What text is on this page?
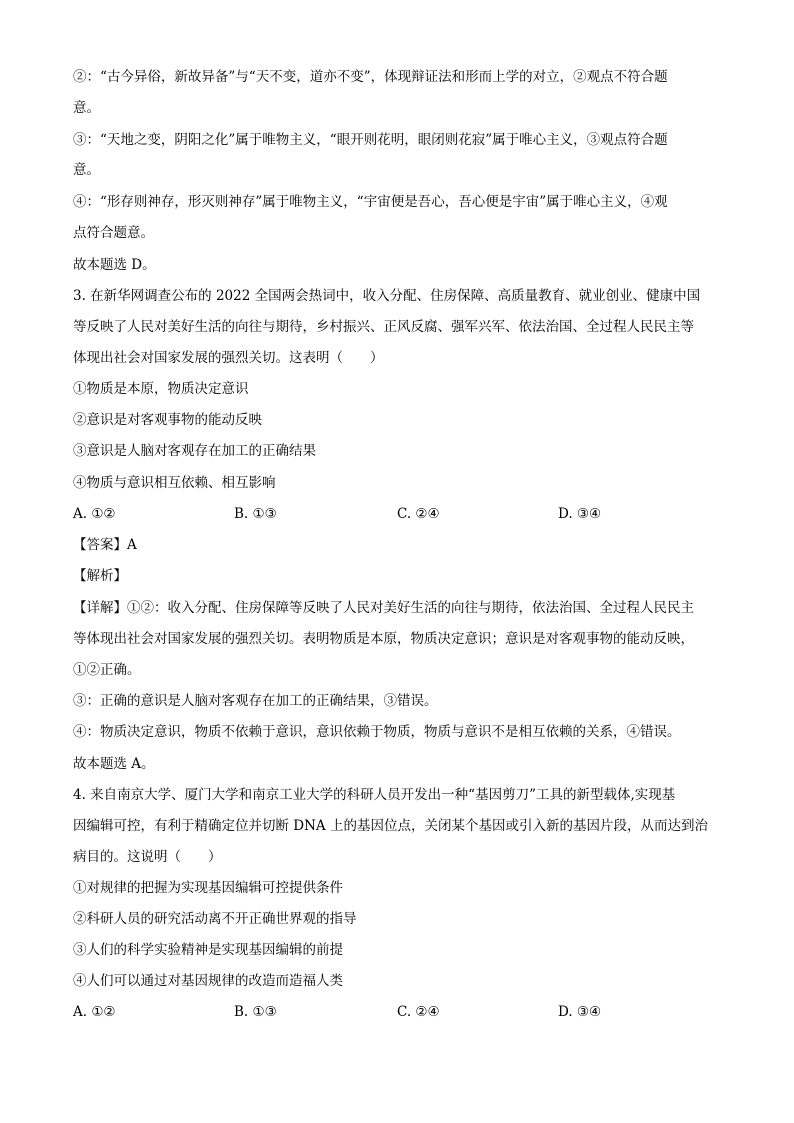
②：“古今异俗，新故异备”与“天不变，道亦不变”，体现辩证法和形而上学的对立，②观点不符合题
意。
③：“天地之变，阴阳之化”属于唯物主义，“眼开则花明，眼闭则花寂”属于唯心主义，③观点符合题
意。
④：“形存则神存，形灭则神存”属于唯物主义，“宇宙便是吾心，吾心便是宇宙”属于唯心主义，④观
点符合题意。
故本题选 D。
3. 在新华网调查公布的 2022 全国两会热词中，收入分配、住房保障、高质量教育、就业创业、健康中国
等反映了人民对美好生活的向往与期待，乡村振兴、正风反腐、强军兴军、依法治国、全过程人民民主等
体现出社会对国家发展的强烈关切。这表明（　　）
①物质是本原，物质决定意识
②意识是对客观事物的能动反映
③意识是人脑对客观存在加工的正确结果
④物质与意识相互依赖、相互影响
A. ①②	B. ①③	C. ②④	D. ③④
【答案】A
【解析】
【详解】①②：收入分配、住房保障等反映了人民对美好生活的向往与期待，依法治国、全过程人民民主
等体现出社会对国家发展的强烈关切。表明物质是本原，物质决定意识；意识是对客观事物的能动反映，
①②正确。
③：正确的意识是人脑对客观存在加工的正确结果，③错误。
④：物质决定意识，物质不依赖于意识，意识依赖于物质，物质与意识不是相互依赖的关系，④错误。
故本题选 A。
4. 来自南京大学、厦门大学和南京工业大学的科研人员开发出一种“基因剪刀”工具的新型载体,实现基
因编辑可控，有利于精确定位并切断 DNA 上的基因位点，关闭某个基因或引入新的基因片段，从而达到治
病目的。这说明（　　）
①对规律的把握为实现基因编辑可控提供条件
②科研人员的研究活动离不开正确世界观的指导
③人们的科学实验精神是实现基因编辑的前提
④人们可以通过对基因规律的改造而造福人类
A. ①②	B. ①③	C. ②④	D. ③④
